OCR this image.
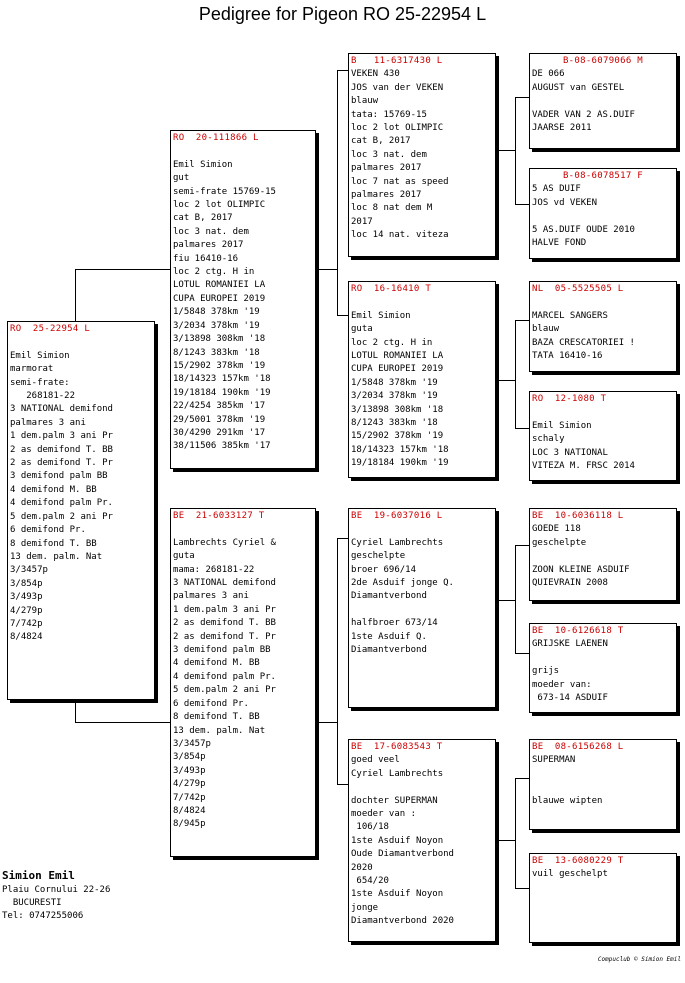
Pedigree for Pigeon RO 25-22954 L
RO  25-22954 L

Emil Simion
marmorat
semi-frate:
268181-22
3 NATIONAL demifond
palmares 3 ani
1 dem.palm 3 ani Pr
2 as demifond T. BB
2 as demifond T. Pr
3 demifond palm BB
4 demifond M. BB
4 demifond palm Pr.
5 dem.palm 2 ani Pr
6 demifond Pr.
8 demifond T. BB
13 dem. palm. Nat
3/3457p
3/854p
3/493p
4/279p
7/742p
8/4824
RO  20-111866 L

Emil Simion
gut
semi-frate 15769-15
loc 2 lot OLIMPIC
cat B, 2017
loc 3 nat. dem
palmares 2017
fiu 16410-16
loc 2 ctg. H in
LOTUL ROMANIEI LA
CUPA EUROPEI 2019
1/5848 378km '19
3/2034 378km '19
3/13898 308km '18
8/1243 383km '18
15/2902 378km '19
18/14323 157km '18
19/18184 190km '19
22/4254 385km '17
29/5001 378km '19
30/4290 291km '17
38/11506 385km '17
BE  21-6033127 T

Lambrechts Cyriel &
guta
mama: 268181-22
3 NATIONAL demifond
palmares 3 ani
1 dem.palm 3 ani Pr
2 as demifond T. BB
2 as demifond T. Pr
3 demifond palm BB
4 demifond M. BB
4 demifond palm Pr.
5 dem.palm 2 ani Pr
6 demifond Pr.
8 demifond T. BB
13 dem. palm. Nat
3/3457p
3/854p
3/493p
4/279p
7/742p
8/4824
8/945p
B   11-6317430 L
VEKEN 430
JOS van der VEKEN
blauw
tata: 15769-15
loc 2 lot OLIMPIC
cat B, 2017
loc 3 nat. dem
palmares 2017
loc 7 nat as speed
palmares 2017
loc 8 nat dem M
2017
loc 14 nat. viteza
RO  16-16410 T

Emil Simion
guta
loc 2 ctg. H in
LOTUL ROMANIEI LA
CUPA EUROPEI 2019
1/5848 378km '19
3/2034 378km '19
3/13898 308km '18
8/1243 383km '18
15/2902 378km '19
18/14323 157km '18
19/18184 190km '19
BE  19-6037016 L

Cyriel Lambrechts
geschelpte
broer 696/14
2de Asduif jonge Q.
Diamantverbond

halfbroer 673/14
1ste Asduif Q.
Diamantverbond
BE  17-6083543 T
goed veel
Cyriel Lambrechts

dochter SUPERMAN
moeder van :
106/18
1ste Asduif Noyon
Oude Diamantverbond
2020
654/20
1ste Asduif Noyon
jonge
Diamantverbond 2020
B-08-6079066 M
DE 066
AUGUST van GESTEL

VADER VAN 2 AS.DUIF
JAARSE 2011
B-08-6078517 F
5 AS DUIF
JOS vd VEKEN

5 AS.DUIF OUDE 2010
HALVE FOND
NL  05-5525505 L

MARCEL SANGERS
blauw
BAZA CRESCATORIEI !
TATA 16410-16
RO  12-1080 T

Emil Simion
schaly
LOC 3 NATIONAL
VITEZA M. FRSC 2014
BE  10-6036118 L
GOEDE 118
geschelpte

ZOON KLEINE ASDUIF
QUIEVRAIN 2008
BE  10-6126618 T
GRIJSKE LAENEN

grijs
moeder van:
673-14 ASDUIF
BE  08-6156268 L
SUPERMAN

blauwe wipten
BE  13-6080229 T
vuil geschelpt
Simion Emil
Plaiu Cornului 22-26
BUCURESTI
Tel: 0747255006
Compuclub © Simion Emil
